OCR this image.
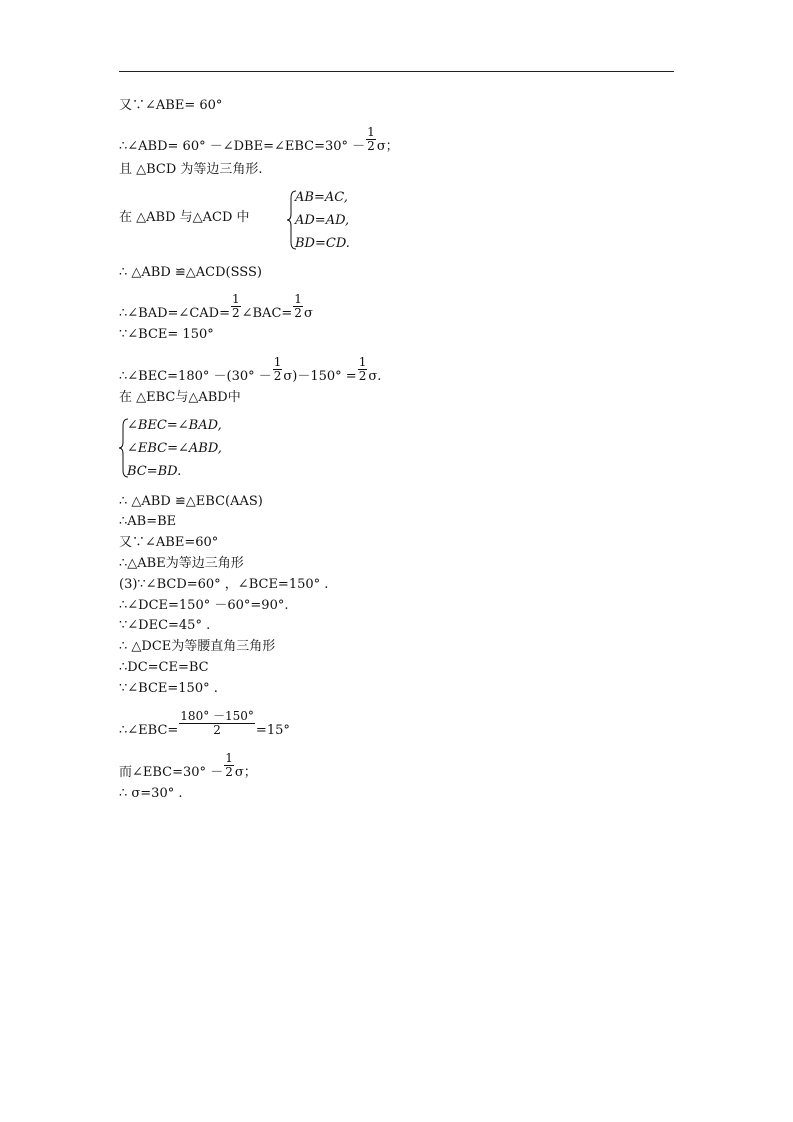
又∵∠ABE= 60°
∴∠ABD= 60° －∠DBE=∠EBC=30° － $\frac{1}{2}$ σ；
且 △BCD 为等边三角形.
在 △ABD 与△ACD 中
AB=AC,
AD=AD,
BD=CD.
∴ △ABD ≌△ACD(SSS)
∴∠BAD=∠CAD= $\frac{1}{2}$ ∠BAC= $\frac{1}{2}$ σ
∵∠BCE= 150°
∴∠BEC=180° $-(30^\circ - \frac{1}{2} \sigma)-150^\circ = \frac{1}{2} \sigma$.
在 △EBC与△ABD中
∠BEC=∠BAD,
∠EBC=∠ABD,
BC=BD.
∴ △ABD ≌△EBC(AAS)
∴AB=BE
又∵∠ABE=60°
∴△ABE为等边三角形
(3)∵∠BCD=60° ，∠BCE=150° .
∴∠DCE=150° －60°=90°.
∵∠DEC=45° .
∴ △DCE为等腰直角三角形
∴DC=CE=BC
∵∠BCE=150° .
∴∠EBC= $\frac{180^\circ -150^\circ}{2} =15^\circ$
而∠EBC=30° － $\frac{1}{2}$ σ；
∴ σ=30° .
